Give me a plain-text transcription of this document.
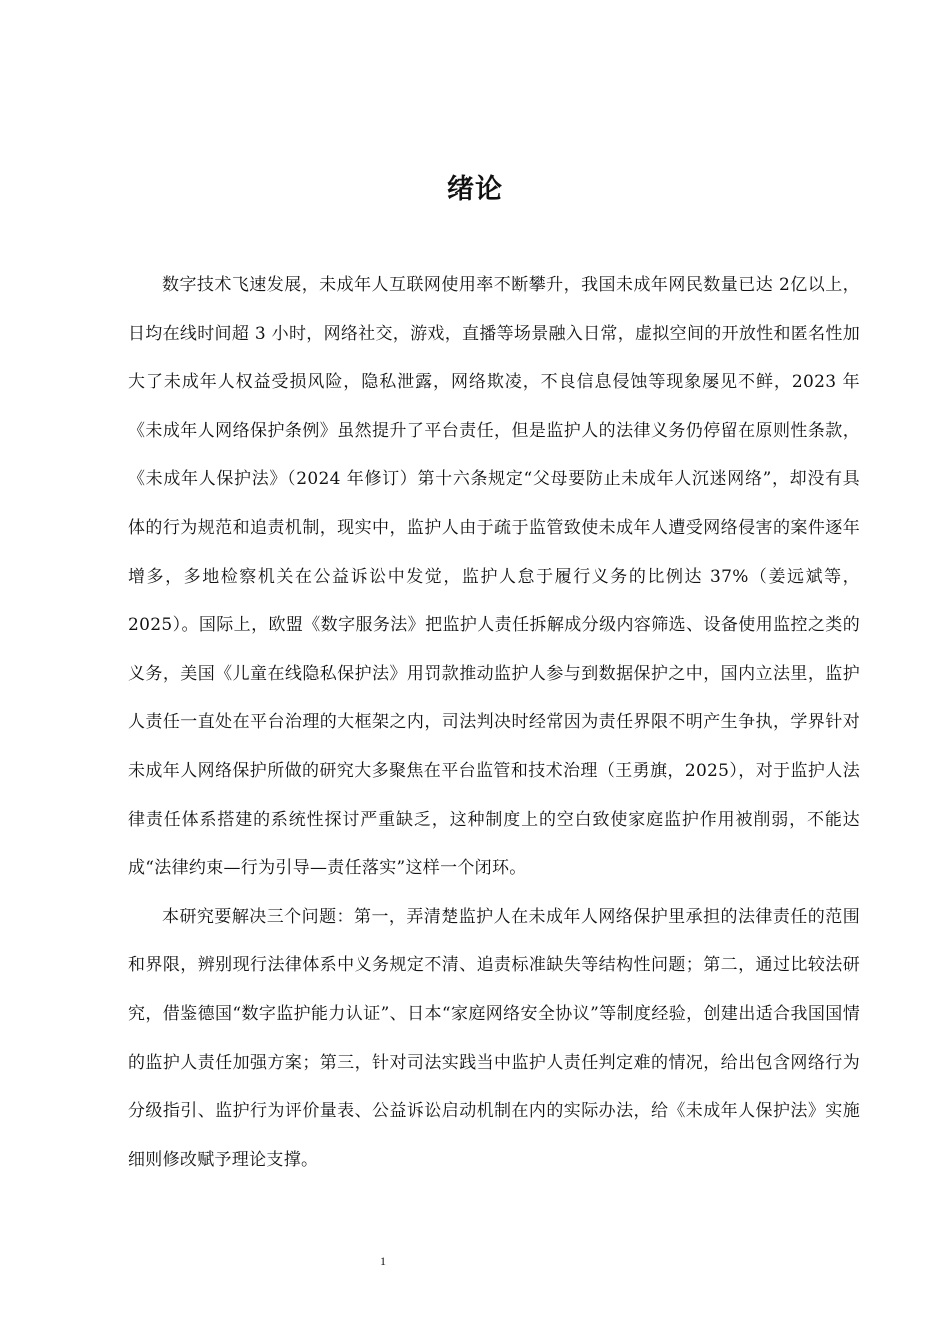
绪论

数字技术飞速发展，未成年人互联网使用率不断攀升，我国未成年网民数量已达 2亿以上，日均在线时间超 3 小时，网络社交，游戏，直播等场景融入日常，虚拟空间的开放性和匿名性加大了未成年人权益受损风险，隐私泄露，网络欺凌，不良信息侵蚀等现象屡见不鲜，2023 年《未成年人网络保护条例》虽然提升了平台责任，但是监护人的法律义务仍停留在原则性条款，《未成年人保护法》（2024 年修订）第十六条规定“父母要防止未成年人沉迷网络”，却没有具体的行为规范和追责机制，现实中，监护人由于疏于监管致使未成年人遭受网络侵害的案件逐年增多，多地检察机关在公益诉讼中发觉，监护人怠于履行义务的比例达 37%（姜远斌等，2025）。国际上，欧盟《数字服务法》把监护人责任拆解成分级内容筛选、设备使用监控之类的义务，美国《儿童在线隐私保护法》用罚款推动监护人参与到数据保护之中，国内立法里，监护人责任一直处在平台治理的大框架之内，司法判决时经常因为责任界限不明产生争执，学界针对未成年人网络保护所做的研究大多聚焦在平台监管和技术治理（王勇旗，2025），对于监护人法律责任体系搭建的系统性探讨严重缺乏，这种制度上的空白致使家庭监护作用被削弱，不能达成“法律约束—行为引导—责任落实”这样一个闭环。

本研究要解决三个问题：第一，弄清楚监护人在未成年人网络保护里承担的法律责任的范围和界限，辨别现行法律体系中义务规定不清、追责标准缺失等结构性问题；第二，通过比较法研究，借鉴德国“数字监护能力认证”、日本“家庭网络安全协议”等制度经验，创建出适合我国国情的监护人责任加强方案；第三，针对司法实践当中监护人责任判定难的情况，给出包含网络行为分级指引、监护行为评价量表、公益诉讼启动机制在内的实际办法，给《未成年人保护法》实施细则修改赋予理论支撑。

1
